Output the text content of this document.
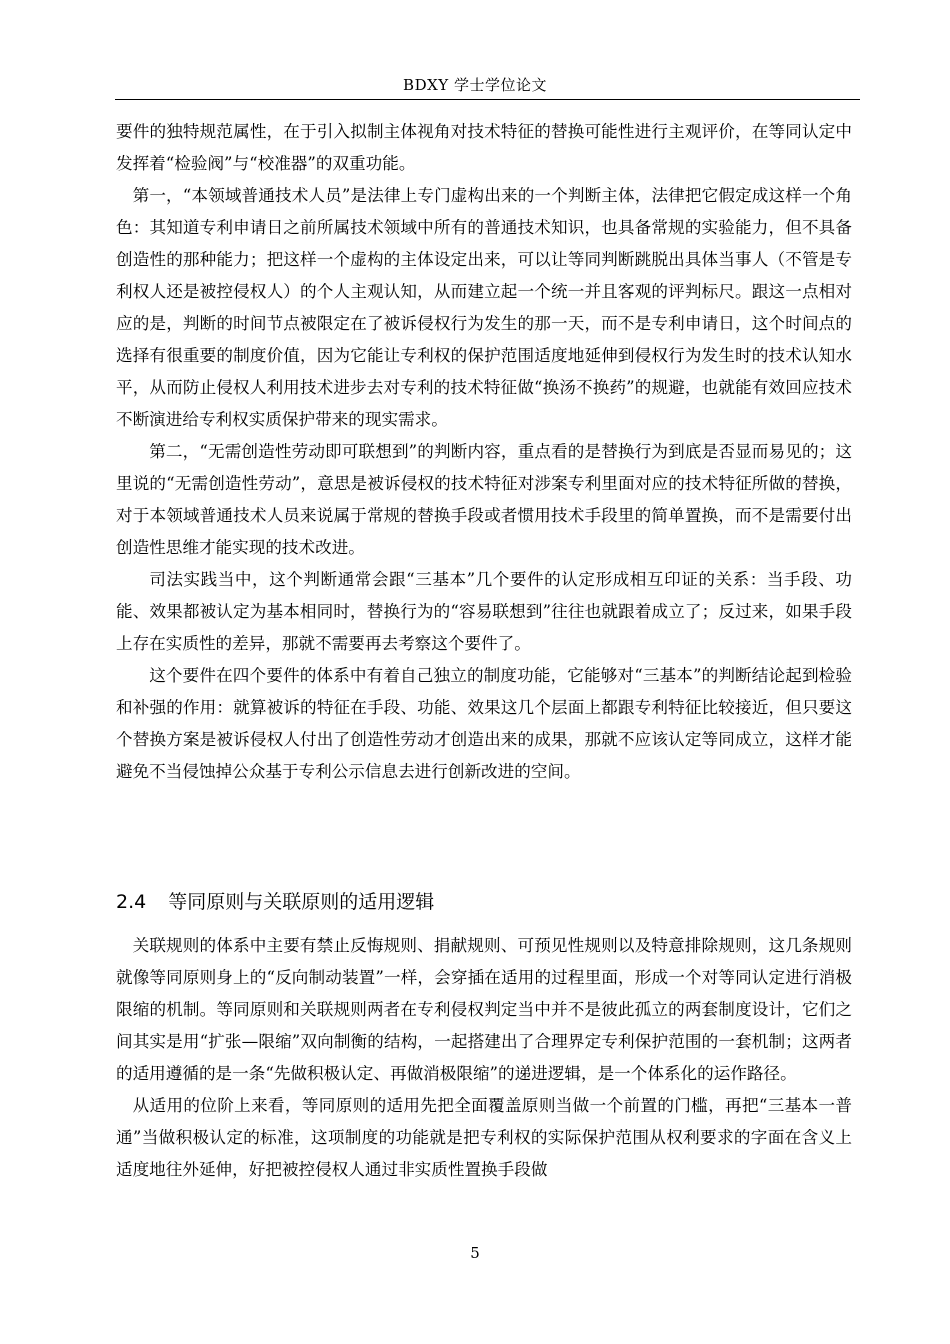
BDXY 学士学位论文

要件的独特规范属性，在于引入拟制主体视角对技术特征的替换可能性进行主观评价，在等同认定中发挥着“检验阀”与“校准器”的双重功能。

第一，“本领域普通技术人员”是法律上专门虚构出来的一个判断主体，法律把它假定成这样一个角色：其知道专利申请日之前所属技术领域中所有的普通技术知识，也具备常规的实验能力，但不具备创造性的那种能力；把这样一个虚构的主体设定出来，可以让等同判断跳脱出具体当事人（不管是专利权人还是被控侵权人）的个人主观认知，从而建立起一个统一并且客观的评判标尺。跟这一点相对应的是，判断的时间节点被限定在了被诉侵权行为发生的那一天，而不是专利申请日，这个时间点的选择有很重要的制度价值，因为它能让专利权的保护范围适度地延伸到侵权行为发生时的技术认知水平，从而防止侵权人利用技术进步去对专利的技术特征做“换汤不换药”的规避，也就能有效回应技术不断演进给专利权实质保护带来的现实需求。

第二，“无需创造性劳动即可联想到”的判断内容，重点看的是替换行为到底是否显而易见的；这里说的“无需创造性劳动”，意思是被诉侵权的技术特征对涉案专利里面对应的技术特征所做的替换，对于本领域普通技术人员来说属于常规的替换手段或者惯用技术手段里的简单置换，而不是需要付出创造性思维才能实现的技术改进。

司法实践当中，这个判断通常会跟“三基本”几个要件的认定形成相互印证的关系：当手段、功能、效果都被认定为基本相同时，替换行为的“容易联想到”往往也就跟着成立了；反过来，如果手段上存在实质性的差异，那就不需要再去考察这个要件了。

这个要件在四个要件的体系中有着自己独立的制度功能，它能够对“三基本”的判断结论起到检验和补强的作用：就算被诉的特征在手段、功能、效果这几个层面上都跟专利特征比较接近，但只要这个替换方案是被诉侵权人付出了创造性劳动才创造出来的成果，那就不应该认定等同成立，这样才能避免不当侵蚀掉公众基于专利公示信息去进行创新改进的空间。

2.4 等同原则与关联原则的适用逻辑

关联规则的体系中主要有禁止反悔规则、捐献规则、可预见性规则以及特意排除规则，这几条规则就像等同原则身上的“反向制动装置”一样，会穿插在适用的过程里面，形成一个对等同认定进行消极限缩的机制。等同原则和关联规则两者在专利侵权判定当中并不是彼此孤立的两套制度设计，它们之间其实是用“扩张—限缩”双向制衡的结构，一起搭建出了合理界定专利保护范围的一套机制；这两者的适用遵循的是一条“先做积极认定、再做消极限缩”的递进逻辑，是一个体系化的运作路径。

从适用的位阶上来看，等同原则的适用先把全面覆盖原则当做一个前置的门槛，再把“三基本一普通”当做积极认定的标准，这项制度的功能就是把专利权的实际保护范围从权利要求的字面在含义上适度地往外延伸，好把被控侵权人通过非实质性置换手段做

5
